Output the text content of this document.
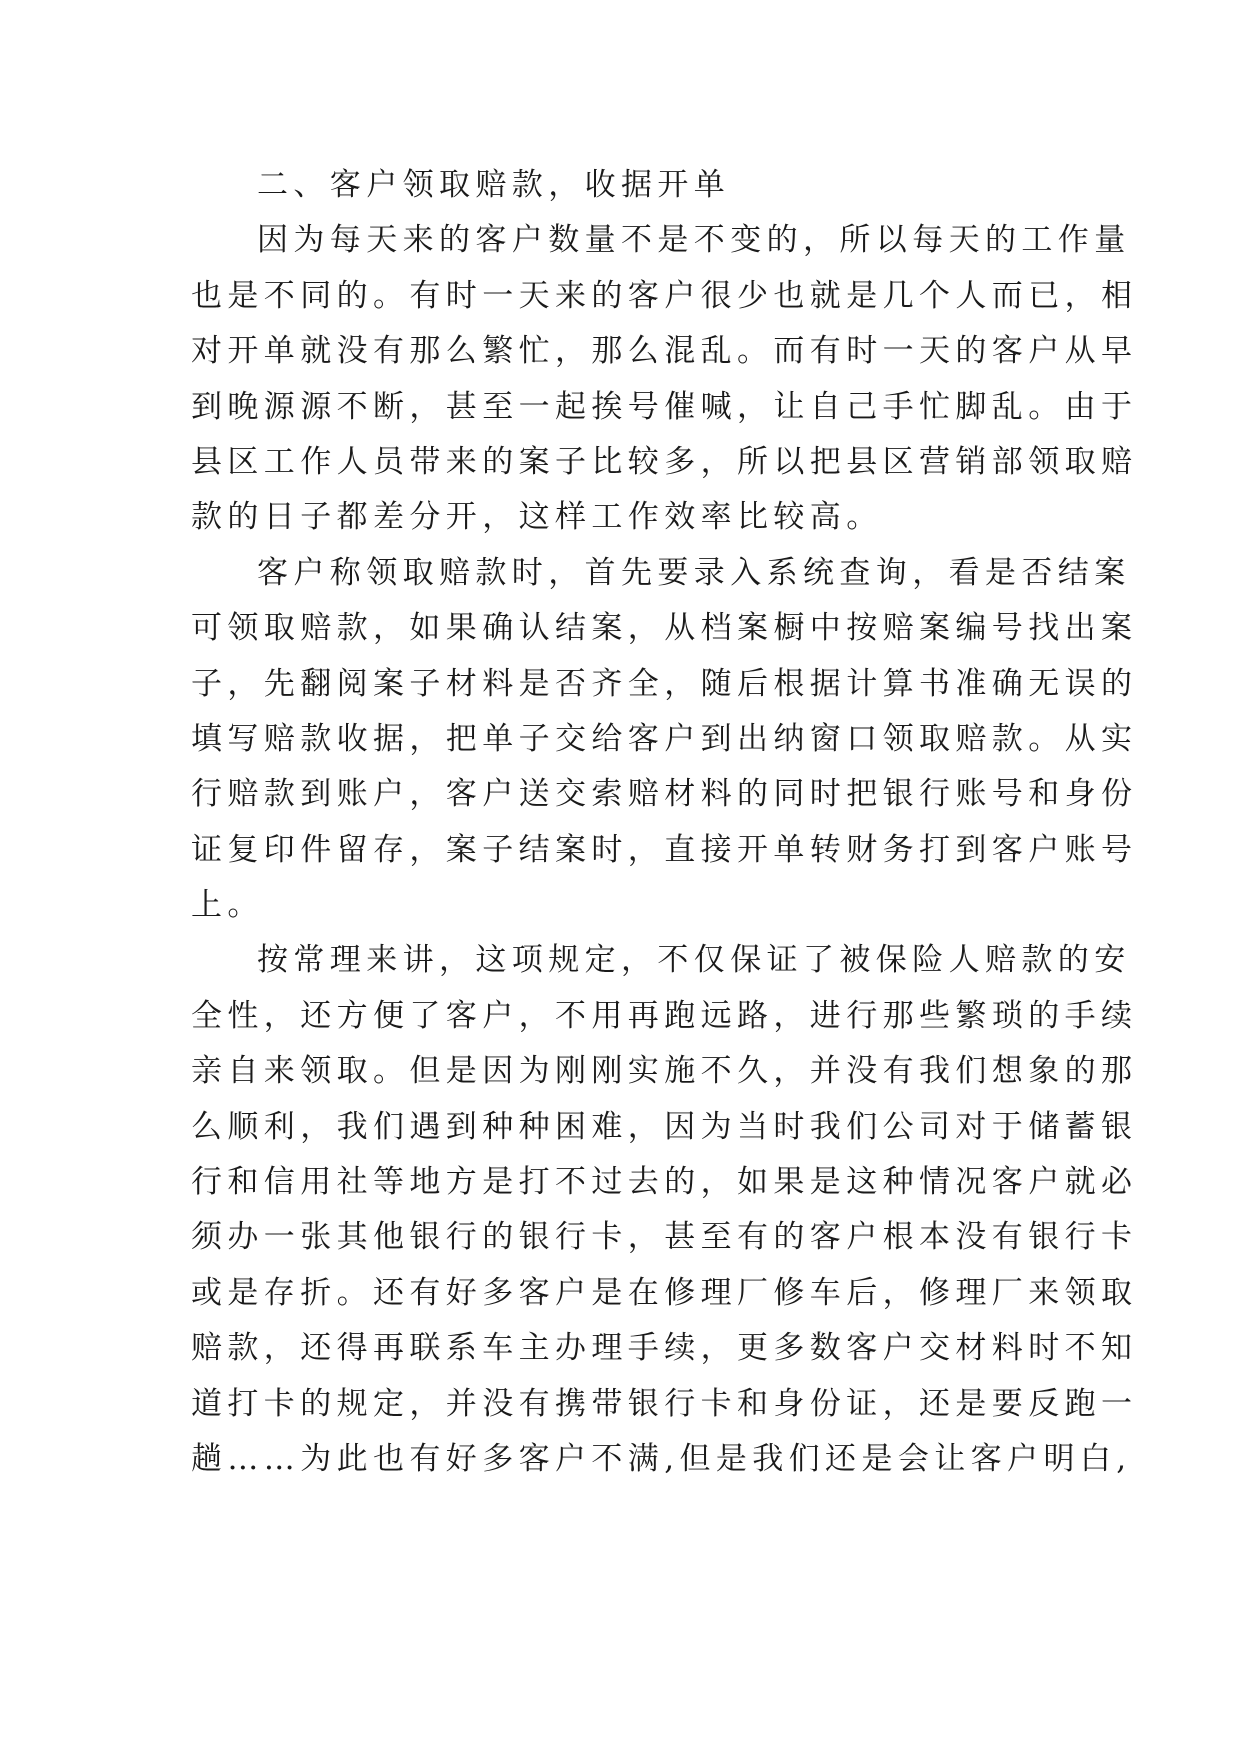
二、客户领取赔款，收据开单
因为每天来的客户数量不是不变的，所以每天的工作量
也是不同的。有时一天来的客户很少也就是几个人而已，相
对开单就没有那么繁忙，那么混乱。而有时一天的客户从早
到晚源源不断，甚至一起挨号催喊，让自己手忙脚乱。由于
县区工作人员带来的案子比较多，所以把县区营销部领取赔
款的日子都差分开，这样工作效率比较高。
客户称领取赔款时，首先要录入系统查询，看是否结案
可领取赔款，如果确认结案，从档案橱中按赔案编号找出案
子，先翻阅案子材料是否齐全，随后根据计算书准确无误的
填写赔款收据，把单子交给客户到出纳窗口领取赔款。从实
行赔款到账户，客户送交索赔材料的同时把银行账号和身份
证复印件留存，案子结案时，直接开单转财务打到客户账号
上。
按常理来讲，这项规定，不仅保证了被保险人赔款的安
全性，还方便了客户，不用再跑远路，进行那些繁琐的手续
亲自来领取。但是因为刚刚实施不久，并没有我们想象的那
么顺利，我们遇到种种困难，因为当时我们公司对于储蓄银
行和信用社等地方是打不过去的，如果是这种情况客户就必
须办一张其他银行的银行卡，甚至有的客户根本没有银行卡
或是存折。还有好多客户是在修理厂修车后，修理厂来领取
赔款，还得再联系车主办理手续，更多数客户交材料时不知
道打卡的规定，并没有携带银行卡和身份证，还是要反跑一
趟……为此也有好多客户不满,但是我们还是会让客户明白,
